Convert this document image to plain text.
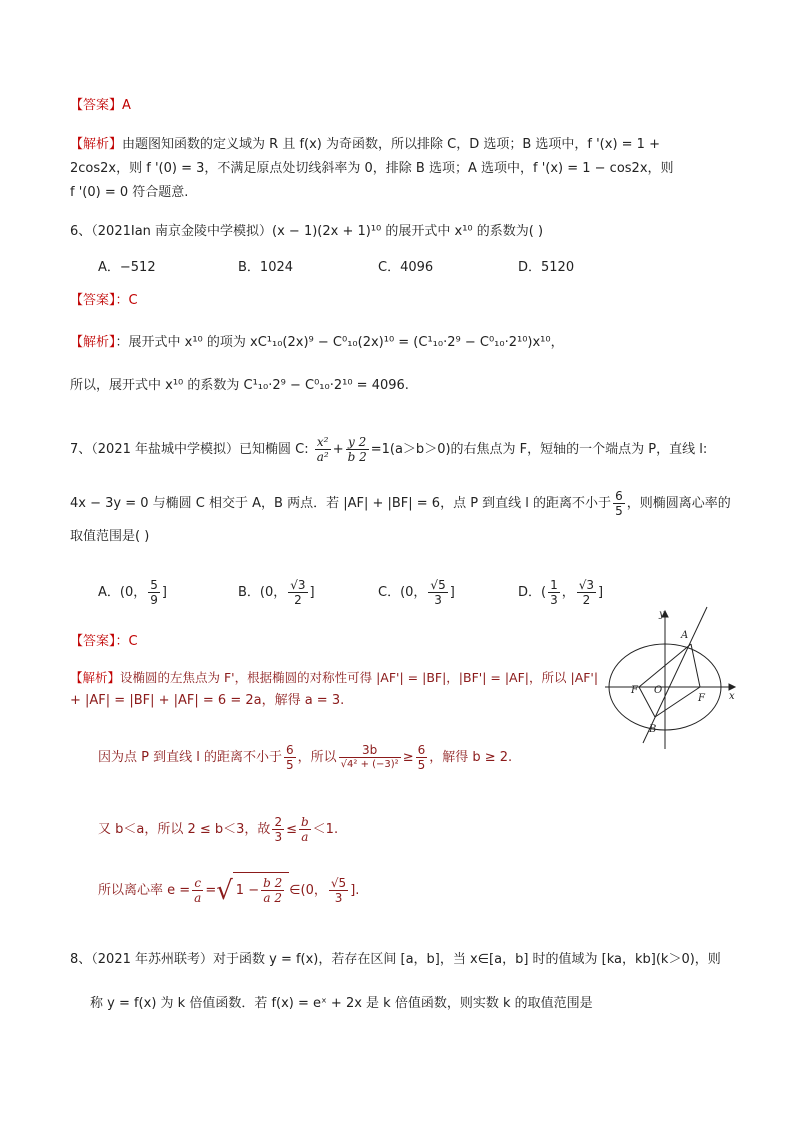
【答案】A
【解析】由题图知函数的定义域为 R 且 f(x) 为奇函数，所以排除 C，D 选项；B 选项中，f '(x) = 1 +
2cos2x，则 f '(0) = 3，不满足原点处切线斜率为 0，排除 B 选项；A 选项中，f '(x) = 1 − cos2x，则
f '(0) = 0 符合题意.
6、（2021Ian 南京金陵中学模拟）(x − 1)(2x + 1)¹⁰ 的展开式中 x¹⁰ 的系数为( )
A．−512	B．1024	C．4096	D．5120
【答案】：C
【解析】：展开式中 x¹⁰ 的项为 xC¹₁₀(2x)⁹ − C⁰₁₀(2x)¹⁰ = (C¹₁₀·2⁹ − C⁰₁₀·2¹⁰)x¹⁰，
所以，展开式中 x¹⁰ 的系数为 C¹₁₀·2⁹ − C⁰₁₀·2¹⁰ = 4096.
7、（2021 年盐城中学模拟）已知椭圆 C: $\frac{\text{x²}}{\text{a²}} + \frac{y 2}{b 2} =1(a>b>0)$的右焦点为 F，短轴的一个端点为 P，直线 l:
4x − 3y = 0 与椭圆 C 相交于 A，B 两点．若 |AF| + |BF| = 6，点 P 到直线 l 的距离不小于 $\frac{6}{5}$ ，则椭圆离心率的
取值范围是( )
A．(0， $\frac{5}{9}$ ]	B．(0， $\frac{√3}{2}$ ]	C．(0， $\frac{√5}{3}$ ]	D．( $\frac{1}{3}$ ， $\frac{√3}{2}$ ]
【答案】：C
【解析】设椭圆的左焦点为 F'，根据椭圆的对称性可得 |AF'| = |BF|，|BF'| = |AF|，所以 |AF'|
+ |AF| = |BF| + |AF| = 6 = 2a，解得 a = 3.
因为点 P 到直线 l 的距离不小于 $\frac{6}{5}$ ，所以 $\frac{3b}{\text{√4² + (−3)²}} \ge \frac{6}{5}$ ，解得 b ≥ 2.
又 b＜a，所以 2 ≤ b＜3，故 $\frac{2}{3} \le \frac{b}{a} <1$.
所以离心率 $e = \frac{c}{a}$ =√ $1 - \frac{b 2}{a 2}$ ∈(0， $\frac{√5}{3}$ ].
y
x
A
B
F O
F
8、（2021 年苏州联考）对于函数 y = f(x)，若存在区间 [a，b]，当 x∈[a，b] 时的值域为 [ka，kb](k＞0)，则
称 y = f(x) 为 k 倍值函数．若 f(x) = eˣ + 2x 是 k 倍值函数，则实数 k 的取值范围是
